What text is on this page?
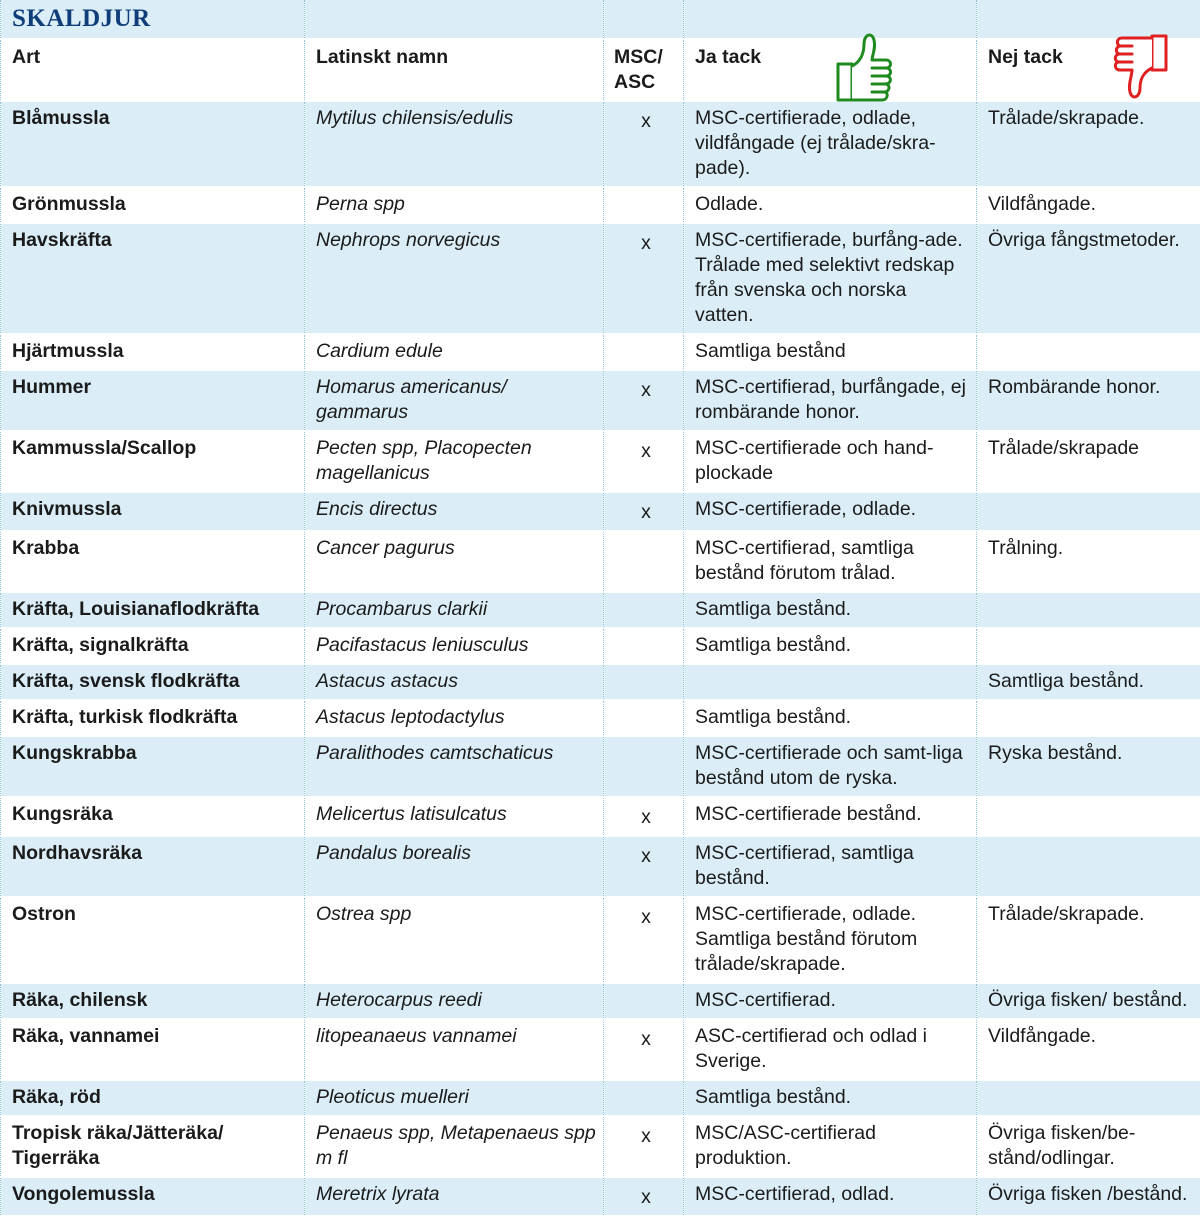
SKALDJUR				
Art	Latinskt namn	MSC/ ASC	Ja tack	Nej tack
Blåmussla	Mytilus chilensis/edulis	x	MSC-certifierade, odlade, vildfångade (ej trålade/skra-pade).	Trålade/skrapade.
Grönmussla	Perna spp		Odlade.	Vildfångade.
Havskräfta	Nephrops norvegicus	x	MSC-certifierade, burfång-ade. Trålade med selektivt redskap från svenska och norska vatten.	Övriga fångstmetoder.
Hjärtmussla	Cardium edule		Samtliga bestånd	
Hummer	Homarus americanus/ gammarus	x	MSC-certifierad, burfångade, ej rombärande honor.	Rombärande honor.
Kammussla/Scallop	Pecten spp, Placopecten magellanicus	x	MSC-certifierade och hand-plockade	Trålade/skrapade
Knivmussla	Encis directus	x	MSC-certifierade, odlade.	
Krabba	Cancer pagurus		MSC-certifierad, samtliga bestånd förutom trålad.	Trålning.
Kräfta, Louisianaflodkräfta	Procambarus clarkii		Samtliga bestånd.	
Kräfta, signalkräfta	Pacifastacus leniusculus		Samtliga bestånd.	
Kräfta, svensk flodkräfta	Astacus astacus			Samtliga bestånd.
Kräfta, turkisk flodkräfta	Astacus leptodactylus		Samtliga bestånd.	
Kungskrabba	Paralithodes camtschaticus		MSC-certifierade och samt-liga bestånd utom de ryska.	Ryska bestånd.
Kungsräka	Melicertus latisulcatus	x	MSC-certifierade bestånd.	
Nordhavsräka	Pandalus borealis	x	MSC-certifierad, samtliga bestånd.	
Ostron	Ostrea spp	x	MSC-certifierade, odlade. Samtliga bestånd förutom trålade/skrapade.	Trålade/skrapade.
Räka, chilensk	Heterocarpus reedi		MSC-certifierad.	Övriga fisken/ bestånd.
Räka, vannamei	litopeanaeus vannamei	x	ASC-certifierad och odlad i Sverige.	Vildfångade.
Räka, röd	Pleoticus muelleri		Samtliga bestånd.	
Tropisk räka/Jätteräka/ Tigerräka	Penaeus spp, Metapenaeus spp m fl	x	MSC/ASC-certifierad produktion.	Övriga fisken/be-stånd/odlingar.
Vongolemussla	Meretrix lyrata	x	MSC-certifierad, odlad.	Övriga fisken /bestånd.
